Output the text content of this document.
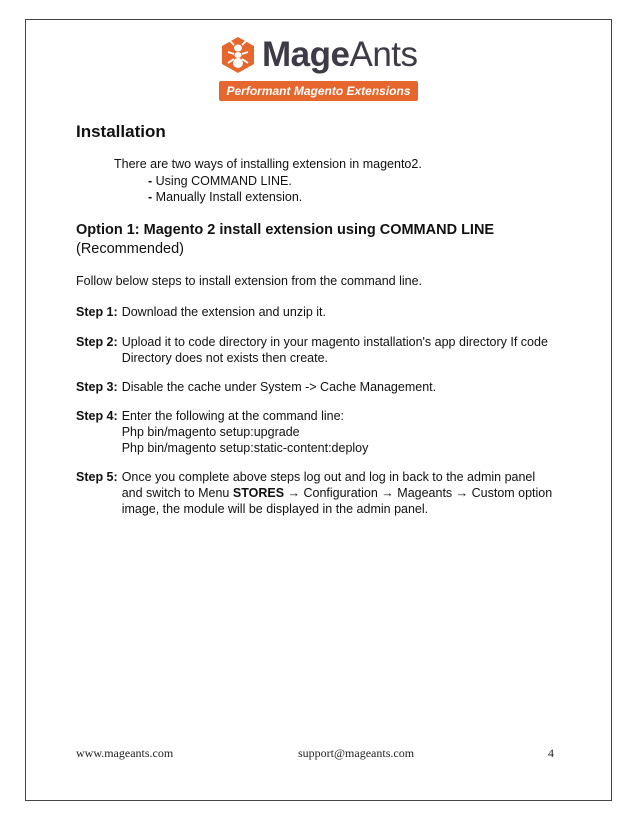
MageAnts
Performant Magento Extensions
Installation
There are two ways of installing extension in magento2.
- Using COMMAND LINE.
- Manually Install extension.
Option 1: Magento 2 install extension using COMMAND LINE
(Recommended)
Follow below steps to install extension from the command line.
Step 1: Download the extension and unzip it.
Step 2: Upload it to code directory in your magento installation's app directory If code
Directory does not exists then create.
Step 3: Disable the cache under System -> Cache Management.
Step 4: Enter the following at the command line:
Php bin/magento setup:upgrade
Php bin/magento setup:static-content:deploy
Step 5: Once you complete above steps log out and log in back to the admin panel
and switch to Menu STORES → Configuration → Mageants → Custom option
image, the module will be displayed in the admin panel.
www.mageants.com	support@mageants.com	4
